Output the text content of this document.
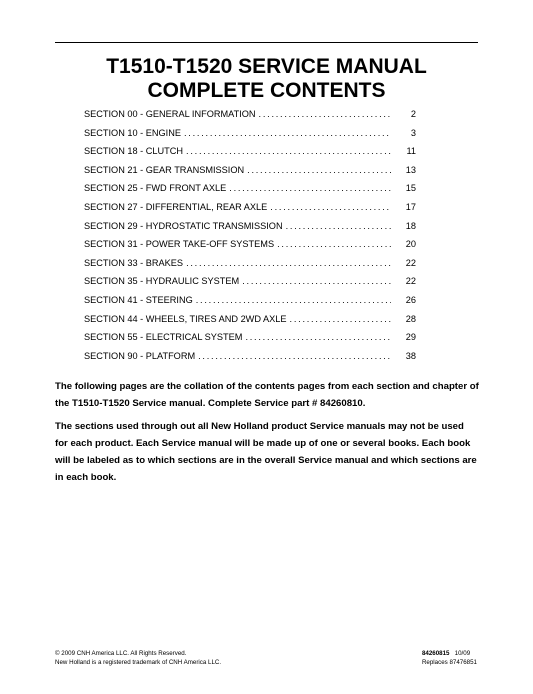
T1510-T1520 SERVICE MANUAL
COMPLETE CONTENTS
SECTION 00 - GENERAL INFORMATION . . .	2
SECTION 10 - ENGINE . . .	3
SECTION 18 - CLUTCH . . .	11
SECTION 21 - GEAR TRANSMISSION . . .	13
SECTION 25 - FWD FRONT AXLE . . .	15
SECTION 27 - DIFFERENTIAL, REAR AXLE . . .	17
SECTION 29 - HYDROSTATIC TRANSMISSION . . .	18
SECTION 31 - POWER TAKE-OFF SYSTEMS . . .	20
SECTION 33 - BRAKES . . .	22
SECTION 35 - HYDRAULIC SYSTEM . . .	22
SECTION 41 - STEERING . . .	26
SECTION 44 - WHEELS, TIRES AND 2WD AXLE . . .	28
SECTION 55 - ELECTRICAL SYSTEM . . .	29
SECTION 90 - PLATFORM . . .	38
The following pages are the collation of the contents pages from each section and chapter of the T1510-T1520 Service manual. Complete Service part # 84260810.
The sections used through out all New Holland product Service manuals may not be used for each product. Each Service manual will be made up of one or several books. Each book will be labeled as to which sections are in the overall Service manual and which sections are in each book.
© 2009 CNH America LLC. All Rights Reserved.
New Holland is a registered trademark of CNH America LLC.
84260815 10/09
Replaces 87476851
